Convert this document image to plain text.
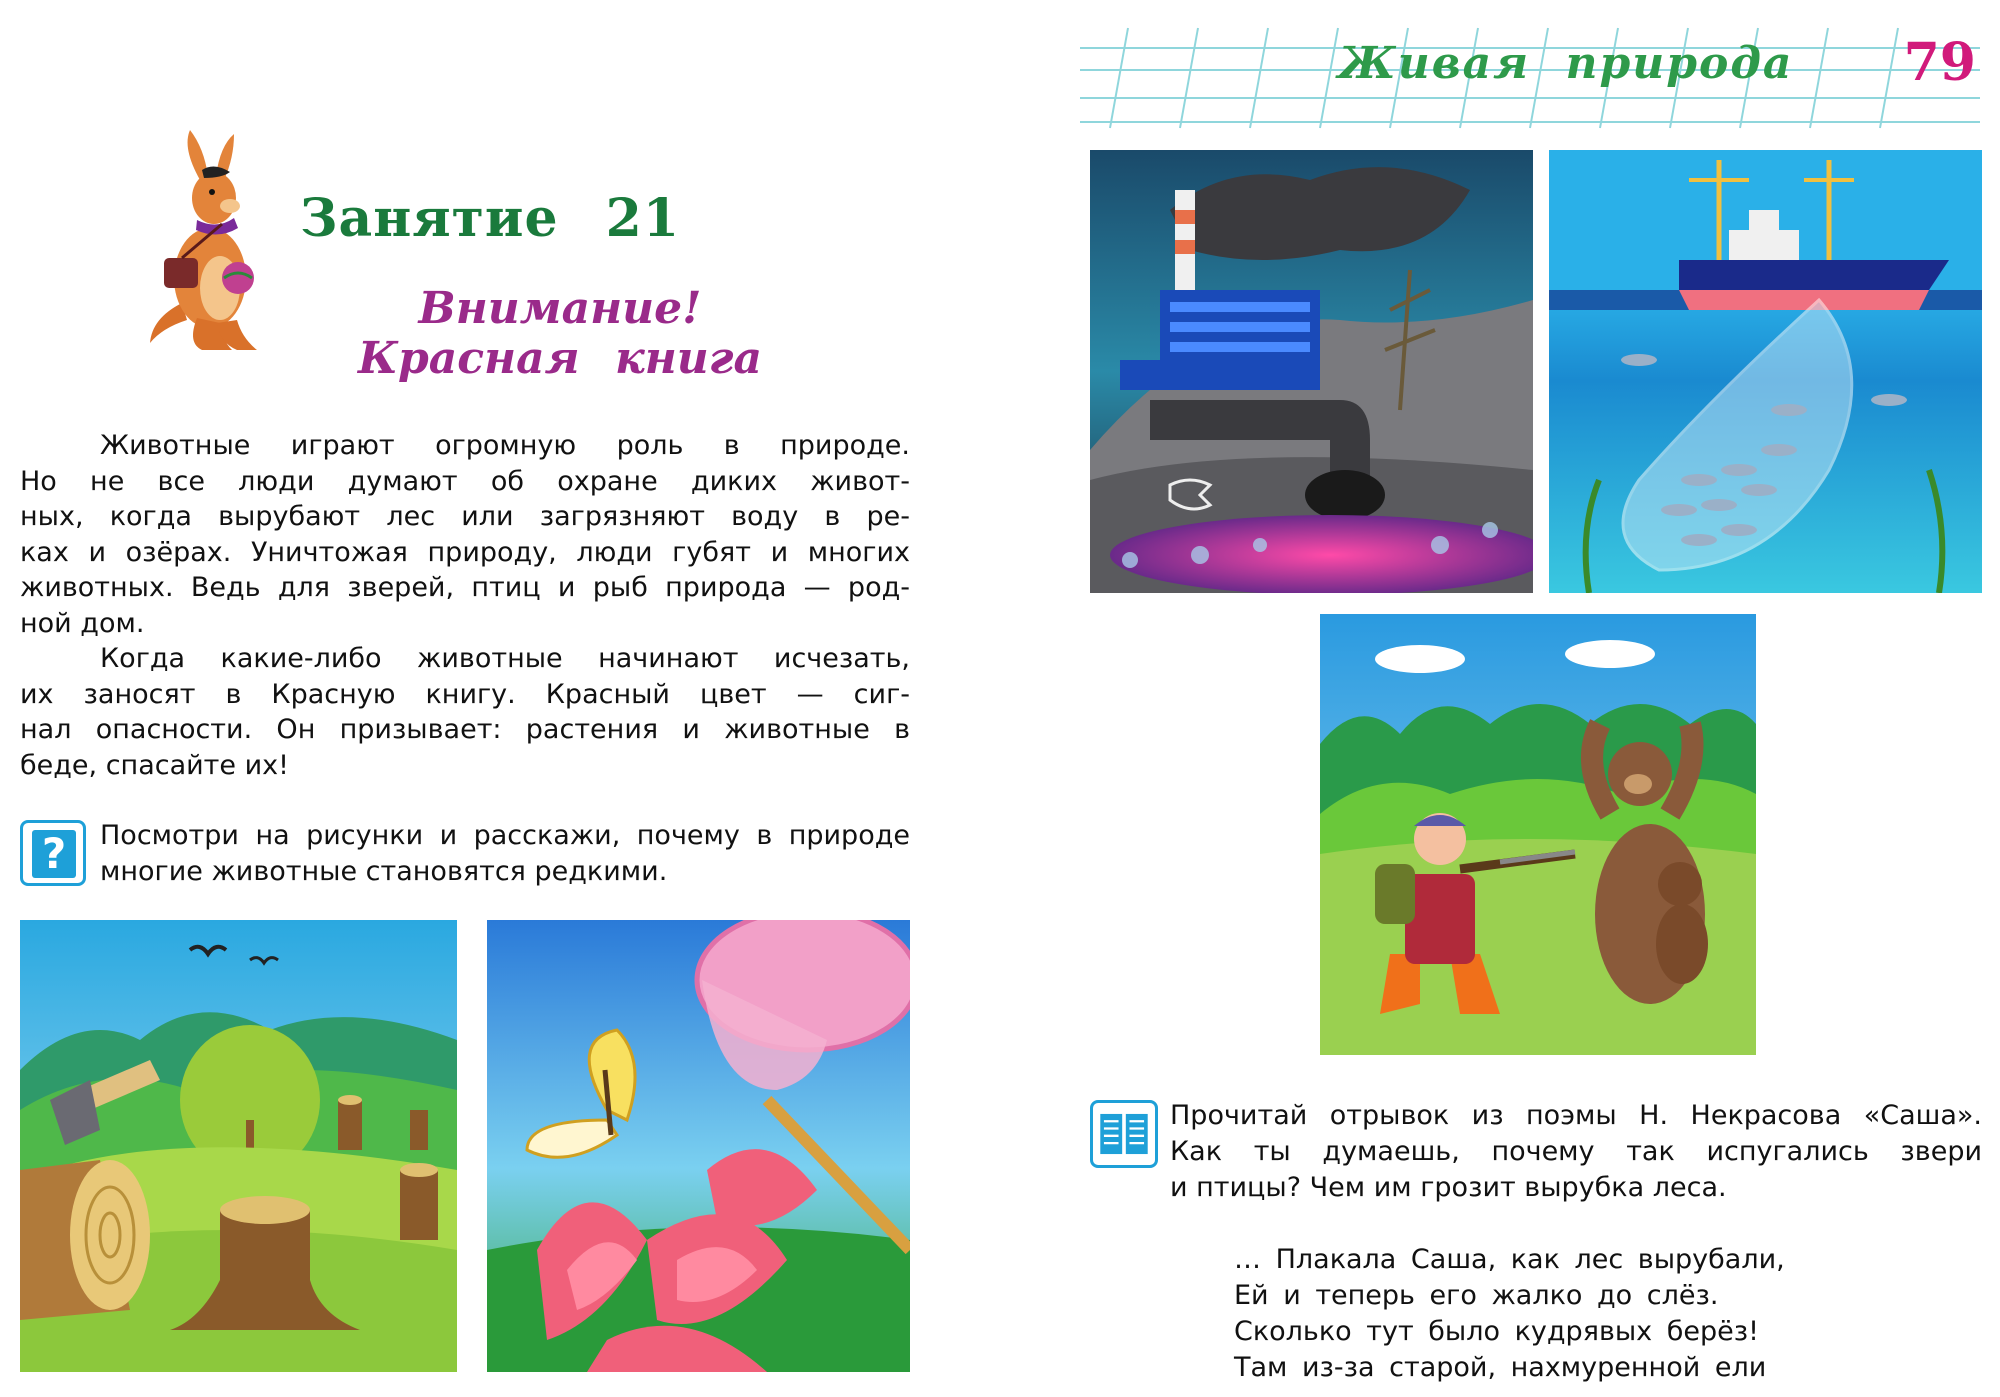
Живая природа 79
Занятие 21
Внимание!
Красная книга
Животные играют огромную роль в природе.
Но не все люди думают об охране диких живот-
ных, когда вырубают лес или загрязняют воду в ре-
ках и озёрах. Уничтожая природу, люди губят и многих
животных. Ведь для зверей, птиц и рыб природа — род-
ной дом.
Когда какие-либо животные начинают исчезать,
их заносят в Красную книгу. Красный цвет — сиг-
нал опасности. Он призывает: растения и животные в
беде, спасайте их!
?	Посмотри на рисунки и расскажи, почему в природе
многие животные становятся редкими.
Прочитай отрывок из поэмы Н. Некрасова «Саша».
Как ты думаешь, почему так испугались звери
и птицы? Чем им грозит вырубка леса.
… Плакала Саша, как лес вырубали,
Ей и теперь его жалко до слёз.
Сколько тут было кудрявых берёз!
Там из-за старой, нахмуренной ели
